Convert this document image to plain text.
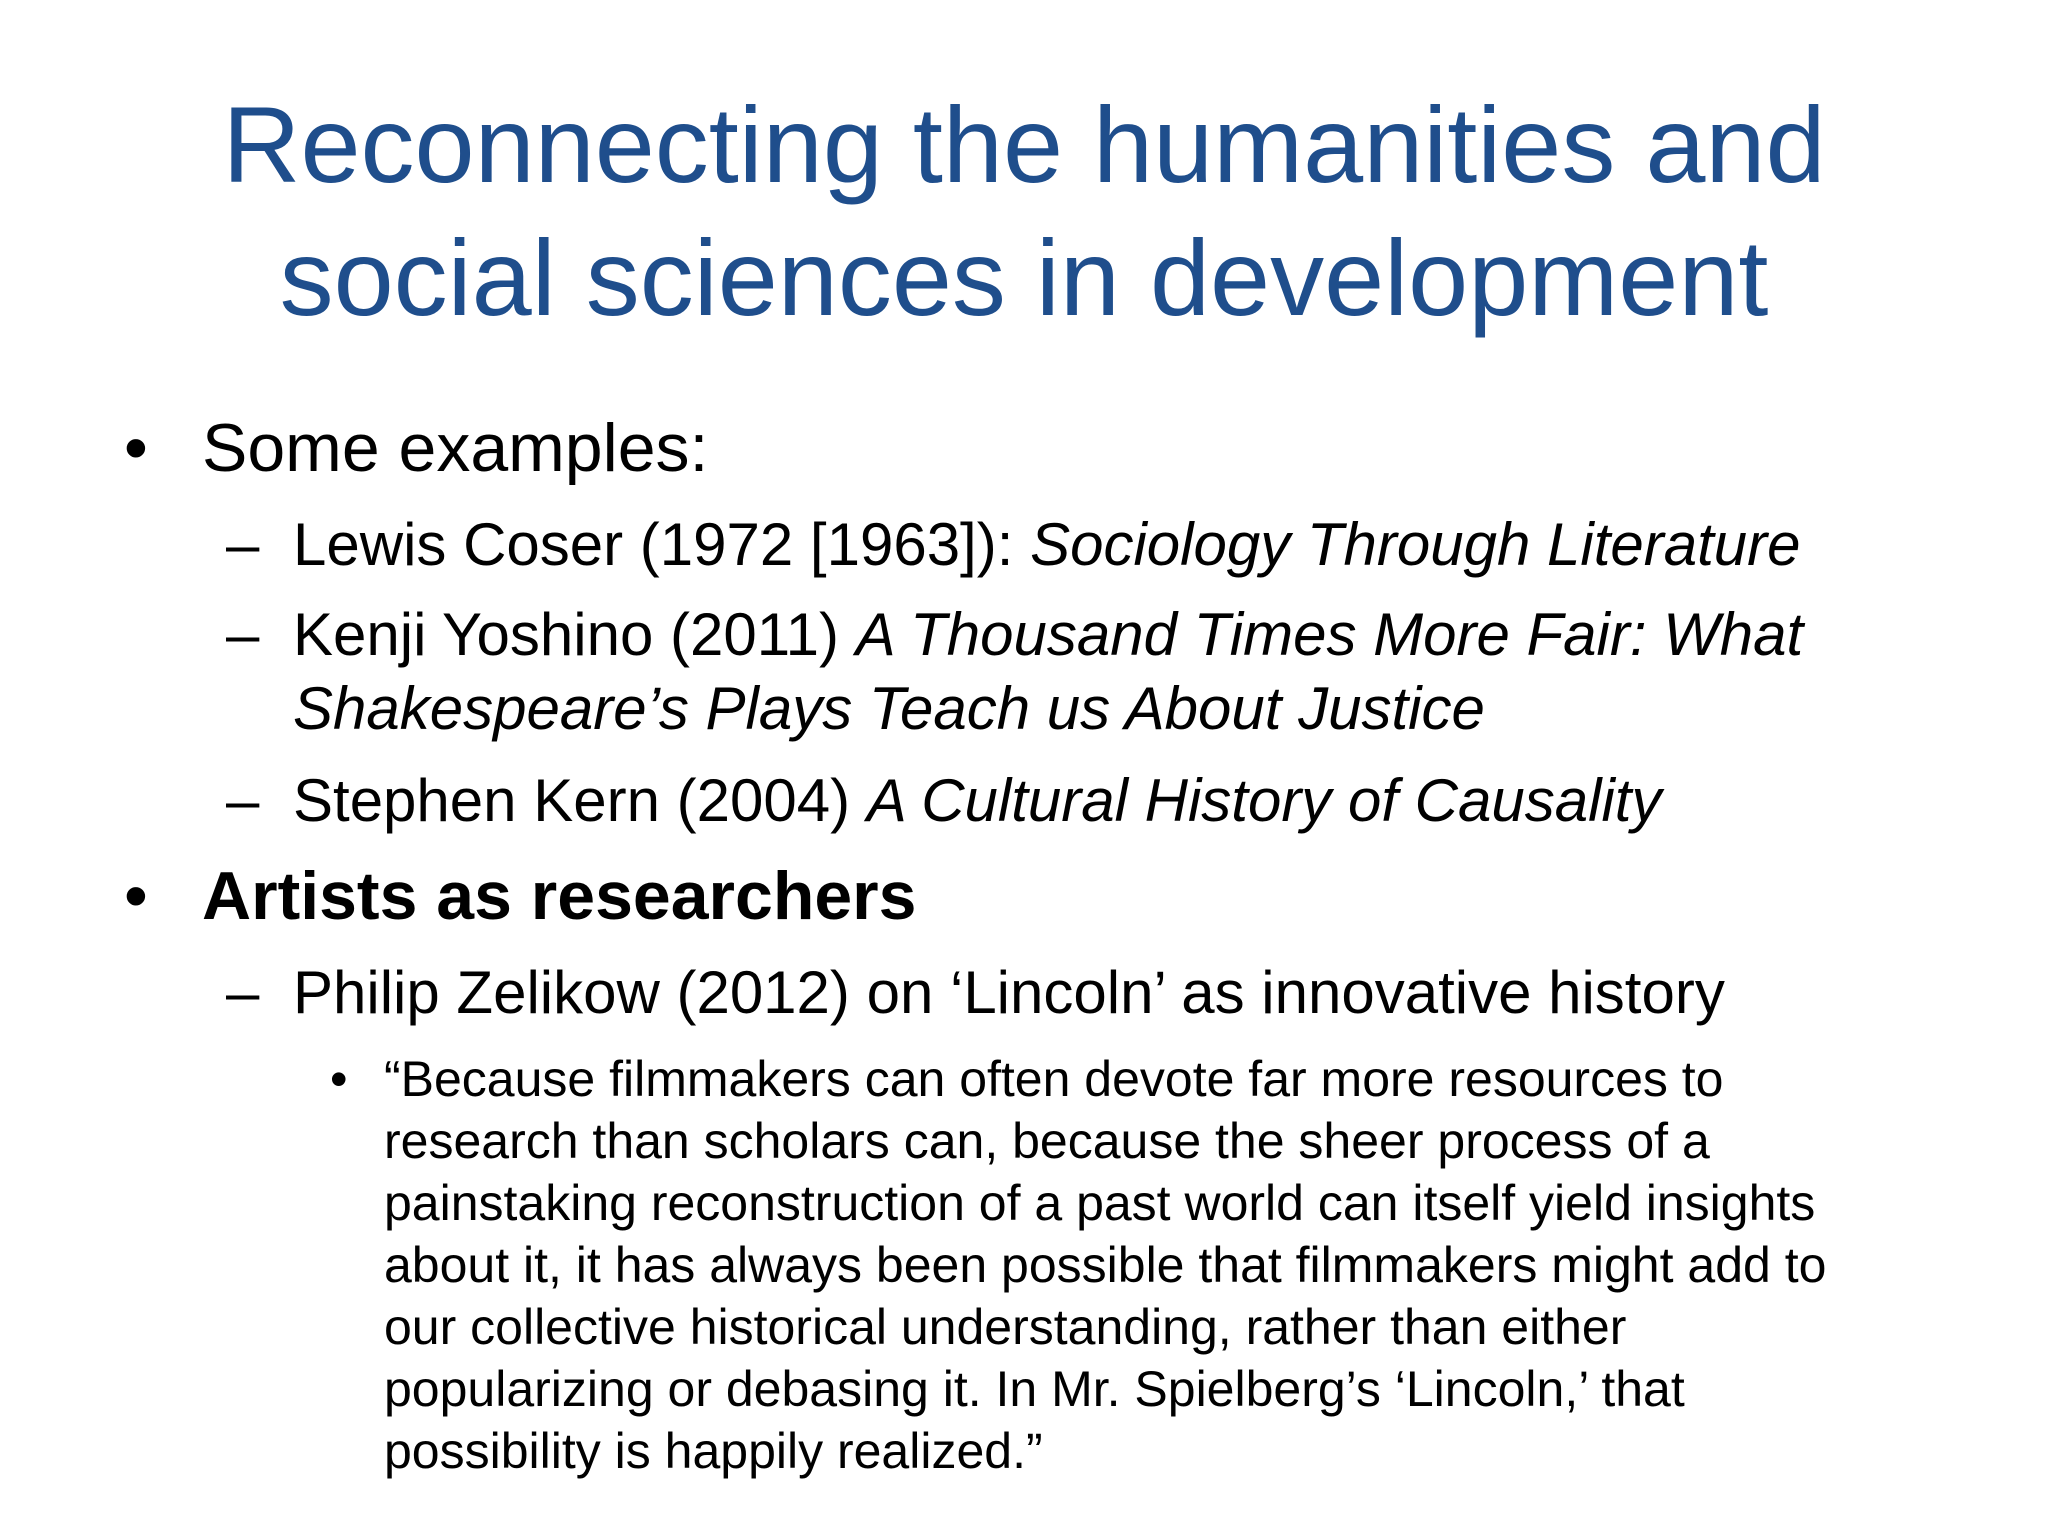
Reconnecting the humanities and
social sciences in development
• Some examples:
– Lewis Coser (1972 [1963]): Sociology Through Literature
– Kenji Yoshino (2011) A Thousand Times More Fair: What
Shakespeare’s Plays Teach us About Justice
– Stephen Kern (2004) A Cultural History of Causality
• Artists as researchers
– Philip Zelikow (2012) on ‘Lincoln’ as innovative history
• “Because filmmakers can often devote far more resources to
research than scholars can, because the sheer process of a
painstaking reconstruction of a past world can itself yield insights
about it, it has always been possible that filmmakers might add to
our collective historical understanding, rather than either
popularizing or debasing it. In Mr. Spielberg’s ‘Lincoln,’ that
possibility is happily realized.”
